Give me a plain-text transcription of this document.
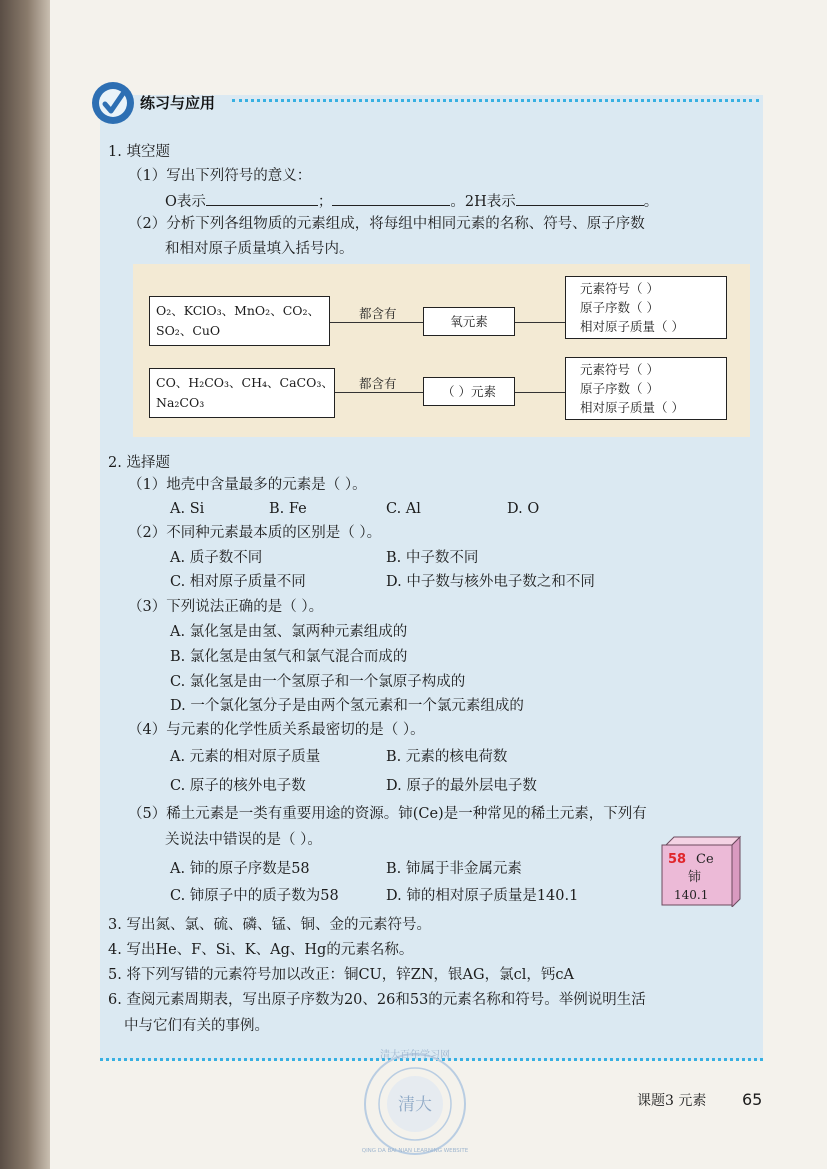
练习与应用
1. 填空题
（1）写出下列符号的意义：
O表示	；	。2H表示	。
（2）分析下列各组物质的元素组成，将每组中相同元素的名称、符号、原子序数
和相对原子质量填入括号内。
O₂、KClO₃、MnO₂、CO₂、
SO₂、CuO
都含有
氧元素
元素符号（ ）
原子序数（ ）
相对原子质量（ ）
CO、H₂CO₃、CH₄、CaCO₃、
Na₂CO₃
都含有
（ ）元素
元素符号（ ）
原子序数（ ）
相对原子质量（ ）
2. 选择题
（1）地壳中含量最多的元素是（ ）。
A. Si	B. Fe	C. Al	D. O
（2）不同种元素最本质的区别是（ ）。
A. 质子数不同	B. 中子数不同
C. 相对原子质量不同	D. 中子数与核外电子数之和不同
（3）下列说法正确的是（ ）。
A. 氯化氢是由氢、氯两种元素组成的
B. 氯化氢是由氢气和氯气混合而成的
C. 氯化氢是由一个氢原子和一个氯原子构成的
D. 一个氯化氢分子是由两个氢元素和一个氯元素组成的
（4）与元素的化学性质关系最密切的是（ ）。
A. 元素的相对原子质量	B. 元素的核电荷数
C. 原子的核外电子数	D. 原子的最外层电子数
（5）稀土元素是一类有重要用途的资源。铈(Ce)是一种常见的稀土元素，下列有
关说法中错误的是（ ）。
A. 铈的原子序数是58	B. 铈属于非金属元素
C. 铈原子中的质子数为58	D. 铈的相对原子质量是140.1
58 Ce
铈
140.1
3. 写出氮、氯、硫、磷、锰、铜、金的元素符号。
4. 写出He、F、Si、K、Ag、Hg的元素名称。
5. 将下列写错的元素符号加以改正：铜CU，锌ZN，银AG，氯cl，钙cA
6. 查阅元素周期表，写出原子序数为20、26和53的元素名称和符号。举例说明生活
中与它们有关的事例。
清大百年学习网
清大
QING DA BAI NIAN LEARNING WEBSITE
课题3 元素 65
